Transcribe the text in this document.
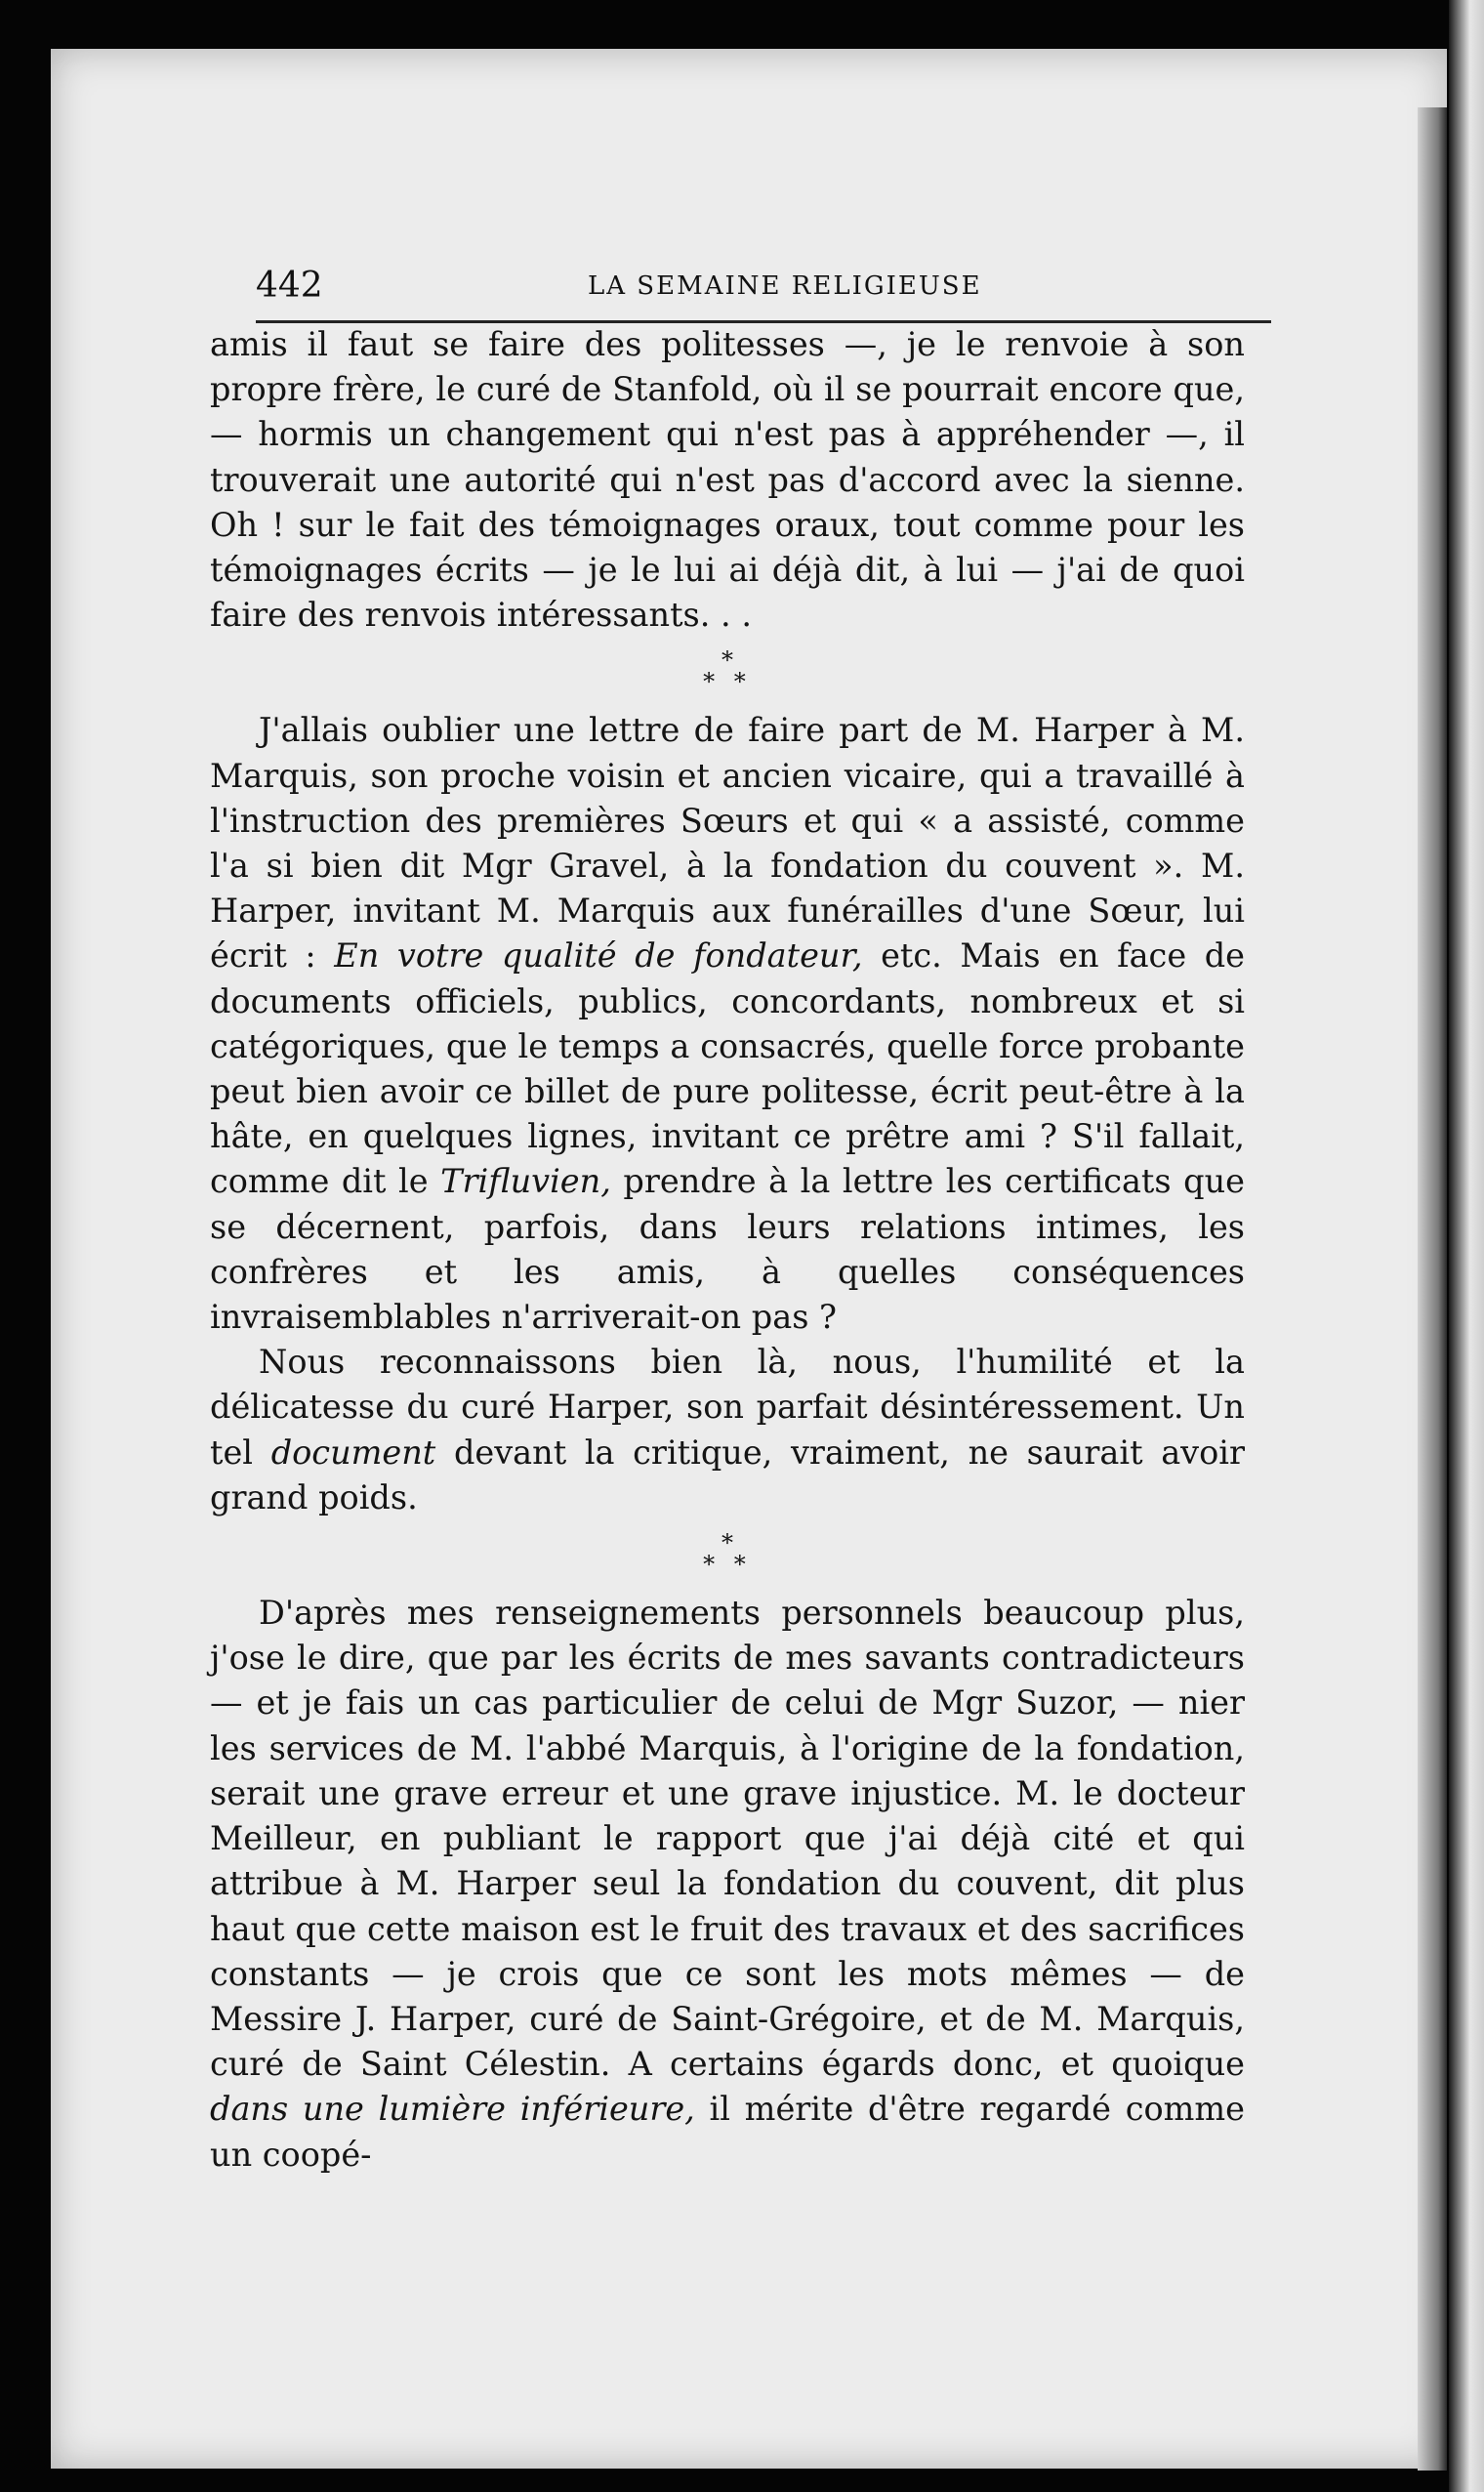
442	LA SEMAINE RELIGIEUSE

amis il faut se faire des politesses —, je le renvoie à son propre frère, le curé de Stanfold, où il se pourrait encore que, — hormis un changement qui n'est pas à appréhender —, il trouverait une autorité qui n'est pas d'accord avec la sienne. Oh ! sur le fait des témoignages oraux, tout comme pour les témoignages écrits — je le lui ai déjà dit, à lui — j'ai de quoi faire des renvois intéressants. . .

*
* *

J'allais oublier une lettre de faire part de M. Harper à M. Marquis, son proche voisin et ancien vicaire, qui a travaillé à l'instruction des premières Sœurs et qui « a assisté, comme l'a si bien dit Mgr Gravel, à la fondation du couvent ». M. Harper, invitant M. Marquis aux funérailles d'une Sœur, lui écrit : En votre qualité de fondateur, etc. Mais en face de documents officiels, publics, concordants, nombreux et si catégoriques, que le temps a consacrés, quelle force probante peut bien avoir ce billet de pure politesse, écrit peut-être à la hâte, en quelques lignes, invitant ce prêtre ami ? S'il fallait, comme dit le Trifluvien, prendre à la lettre les certificats que se décernent, parfois, dans leurs relations intimes, les confrères et les amis, à quelles conséquences invraisemblables n'arriverait-on pas ?

Nous reconnaissons bien là, nous, l'humilité et la délicatesse du curé Harper, son parfait désintéressement. Un tel document devant la critique, vraiment, ne saurait avoir grand poids.

*
* *

D'après mes renseignements personnels beaucoup plus, j'ose le dire, que par les écrits de mes savants contradicteurs — et je fais un cas particulier de celui de Mgr Suzor, — nier les services de M. l'abbé Marquis, à l'origine de la fondation, serait une grave erreur et une grave injustice. M. le docteur Meilleur, en publiant le rapport que j'ai déjà cité et qui attribue à M. Harper seul la fondation du couvent, dit plus haut que cette maison est le fruit des travaux et des sacrifices constants — je crois que ce sont les mots mêmes — de Messire J. Harper, curé de Saint-Grégoire, et de M. Marquis, curé de Saint Célestin. A certains égards donc, et quoique dans une lumière inférieure, il mérite d'être regardé comme un coopé-
